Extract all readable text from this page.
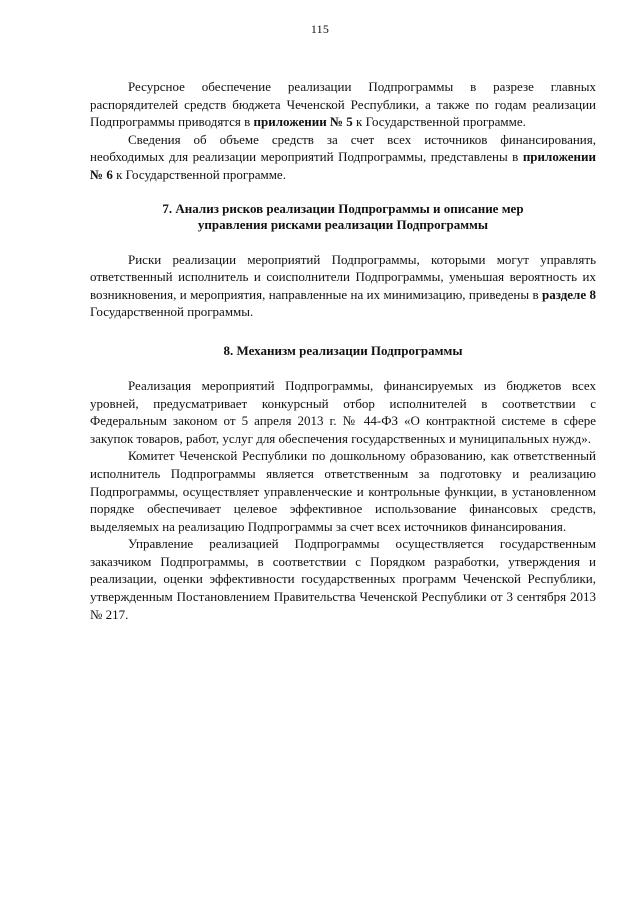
115

Ресурсное обеспечение реализации Подпрограммы в разрезе главных распорядителей средств бюджета Чеченской Республики, а также по годам реализации Подпрограммы приводятся в приложении № 5 к Государственной программе.

Сведения об объеме средств за счет всех источников финансирования, необходимых для реализации мероприятий Подпрограммы, представлены в приложении № 6 к Государственной программе.

7. Анализ рисков реализации Подпрограммы и описание мер
управления рисками реализации Подпрограммы

Риски реализации мероприятий Подпрограммы, которыми могут управлять ответственный исполнитель и соисполнители Подпрограммы, уменьшая вероятность их возникновения, и мероприятия, направленные на их минимизацию, приведены в разделе 8 Государственной программы.

8. Механизм реализации Подпрограммы

Реализация мероприятий Подпрограммы, финансируемых из бюджетов всех уровней, предусматривает конкурсный отбор исполнителей в соответствии с Федеральным законом от 5 апреля 2013 г. № 44-ФЗ «О контрактной системе в сфере закупок товаров, работ, услуг для обеспечения государственных и муниципальных нужд».

Комитет Чеченской Республики по дошкольному образованию, как ответственный исполнитель Подпрограммы является ответственным за подготовку и реализацию Подпрограммы, осуществляет управленческие и контрольные функции, в установленном порядке обеспечивает целевое эффективное использование финансовых средств, выделяемых на реализацию Подпрограммы за счет всех источников финансирования.

Управление реализацией Подпрограммы осуществляется государственным заказчиком Подпрограммы, в соответствии с Порядком разработки, утверждения и реализации, оценки эффективности государственных программ Чеченской Республики, утвержденным Постановлением Правительства Чеченской Республики от 3 сентября 2013 № 217.
